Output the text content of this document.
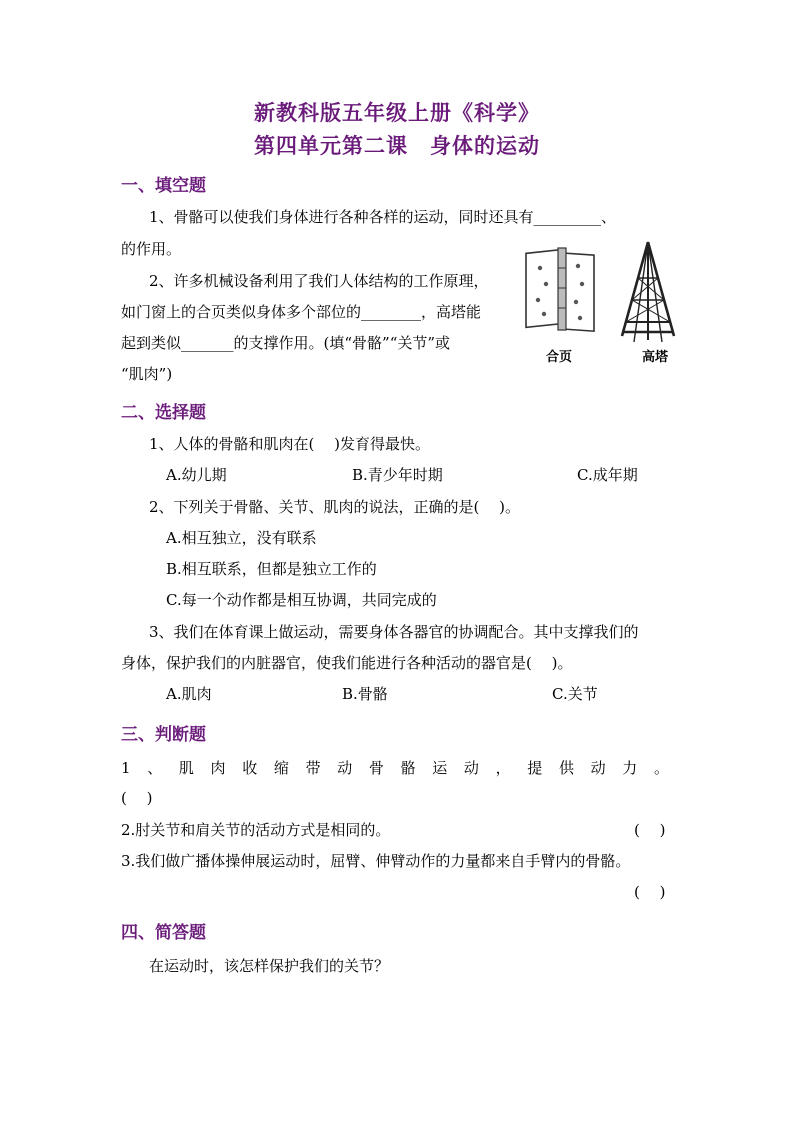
新教科版五年级上册《科学》
第四单元第二课　身体的运动
一、填空题
1、骨骼可以使我们身体进行各种各样的运动，同时还具有_________、
的作用。
2、许多机械设备利用了我们人体结构的工作原理，
如门窗上的合页类似身体多个部位的________，高塔能
起到类似_______的支撑作用。(填“骨骼”“关节”或
“肌肉”)
合页	高塔
二、选择题
1、人体的骨骼和肌肉在(　 )发育得最快。
A.幼儿期	B.青少年时期	C.成年期
2、下列关于骨骼、关节、肌肉的说法，正确的是(　 )。
A.相互独立，没有联系
B.相互联系，但都是独立工作的
C.每一个动作都是相互协调，共同完成的
3、我们在体育课上做运动，需要身体各器官的协调配合。其中支撑我们的
身体，保护我们的内脏器官，使我们能进行各种活动的器官是(　 )。
A.肌肉	B.骨骼	C.关节
三、判断题
1 、 肌 肉 收 缩 带 动 骨 骼 运 动 ， 提 供 动 力 。
(　 )
2.肘关节和肩关节的活动方式是相同的。	(　 )
3.我们做广播体操伸展运动时，屈臂、伸臂动作的力量都来自手臂内的骨骼。
(　 )
四、简答题
在运动时，该怎样保护我们的关节？
